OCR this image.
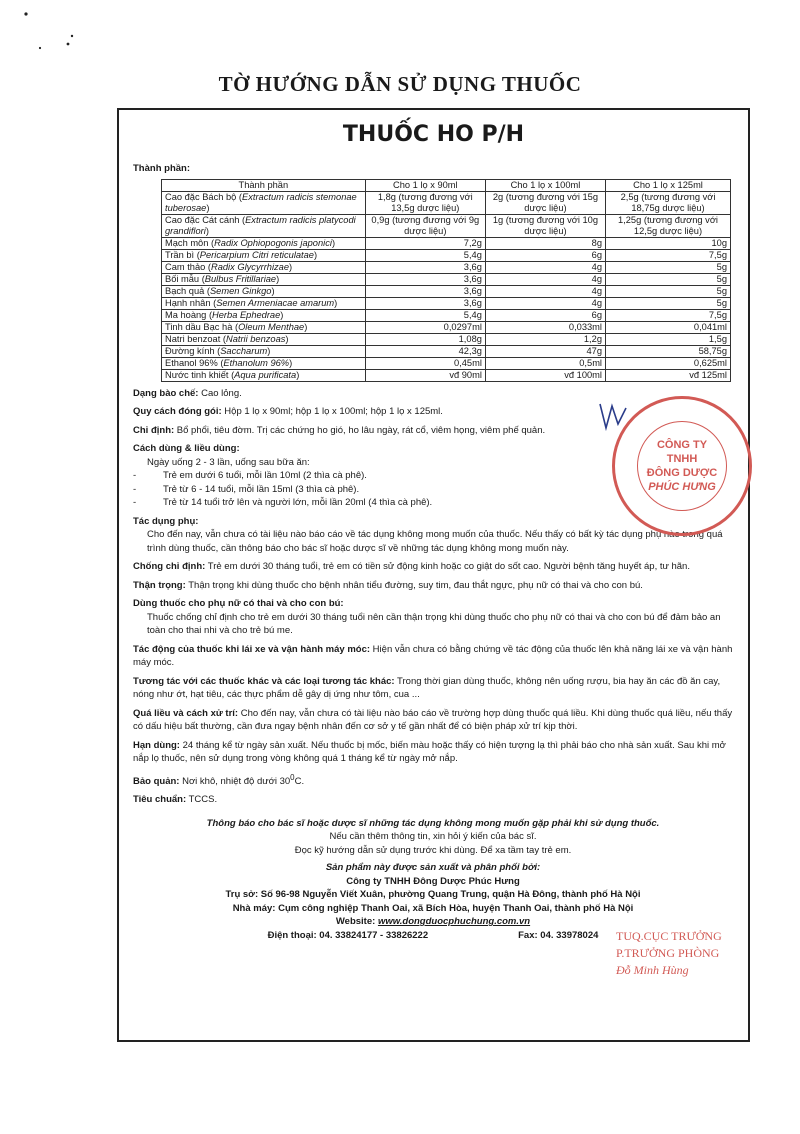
TỜ HƯỚNG DẪN SỬ DỤNG THUỐC
THUỐC HO P/H
Thành phần:
Thành phần	Cho 1 lọ x 90ml	Cho 1 lọ x 100ml	Cho 1 lọ x 125ml
Cao đặc Bách bộ (Extractum radicis stemonae tuberosae)	1,8g (tương đương với 13,5g dược liệu)	2g (tương đương với 15g dược liệu)	2,5g (tương đương với 18,75g dược liệu)
Cao đặc Cát cánh (Extractum radicis platycodi grandiflori)	0,9g (tương đương với 9g dược liệu)	1g (tương đương với 10g dược liệu)	1,25g (tương đương với 12,5g dược liệu)
Mạch môn (Radix Ophiopogonis japonici)	7,2g	8g	10g
Trần bì (Pericarpium Citri reticulatae)	5,4g	6g	7,5g
Cam thảo (Radix Glycyrrhizae)	3,6g	4g	5g
Bối mẫu (Bulbus Fritillariae)	3,6g	4g	5g
Bạch quả (Semen Ginkgo)	3,6g	4g	5g
Hạnh nhân (Semen Armeniacae amarum)	3,6g	4g	5g
Ma hoàng (Herba Ephedrae)	5,4g	6g	7,5g
Tinh dầu Bạc hà (Oleum Menthae)	0,0297ml	0,033ml	0,041ml
Natri benzoat (Natrii benzoas)	1,08g	1,2g	1,5g
Đường kính (Saccharum)	42,3g	47g	58,75g
Ethanol 96% (Ethanolum 96%)	0,45ml	0,5ml	0,625ml
Nước tinh khiết (Aqua purificata)	vđ 90ml	vđ 100ml	vđ 125ml
Dạng bào chế: Cao lỏng.
Quy cách đóng gói: Hộp 1 lọ x 90ml; hộp 1 lọ x 100ml; hộp 1 lọ x 125ml.
Chỉ định: Bổ phổi, tiêu đờm. Trị các chứng ho gió, ho lâu ngày, rát cổ, viêm họng, viêm phế quản.
Cách dùng & liều dùng:
Ngày uống 2 - 3 lần, uống sau bữa ăn:
- Trẻ em dưới 6 tuổi, mỗi lần 10ml (2 thìa cà phê).
- Trẻ từ 6 - 14 tuổi, mỗi lần 15ml (3 thìa cà phê).
- Trẻ từ 14 tuổi trở lên và người lớn, mỗi lần 20ml (4 thìa cà phê).
Tác dụng phụ:
Cho đến nay, vẫn chưa có tài liệu nào báo cáo về tác dụng không mong muốn của thuốc. Nếu thấy có bất kỳ tác dụng phụ nào trong quá trình dùng thuốc, cần thông báo cho bác sĩ hoặc dược sĩ về những tác dụng không mong muốn này.
Chống chỉ định: Trẻ em dưới 30 tháng tuổi, trẻ em có tiền sử động kinh hoặc co giật do sốt cao. Người bệnh tăng huyết áp, tư hãn.
Thận trọng: Thận trọng khi dùng thuốc cho bệnh nhân tiểu đường, suy tim, đau thắt ngực, phụ nữ có thai và cho con bú.
Dùng thuốc cho phụ nữ có thai và cho con bú:
Thuốc chống chỉ định cho trẻ em dưới 30 tháng tuổi nên cần thận trọng khi dùng thuốc cho phụ nữ có thai và cho con bú để đảm bảo an toàn cho thai nhi và cho trẻ bú me.
Tác động của thuốc khi lái xe và vận hành máy móc: Hiện vẫn chưa có bằng chứng về tác động của thuốc lên khả năng lái xe và vận hành máy móc.
Tương tác với các thuốc khác và các loại tương tác khác: Trong thời gian dùng thuốc, không nên uống rượu, bia hay ăn các đồ ăn cay, nóng như ớt, hạt tiêu, các thực phẩm dễ gây dị ứng như tôm, cua ...
Quá liều và cách xử trí: Cho đến nay, vẫn chưa có tài liệu nào báo cáo về trường hợp dùng thuốc quá liều. Khi dùng thuốc quá liều, nếu thấy có dấu hiệu bất thường, cần đưa ngay bệnh nhân đến cơ sở y tế gần nhất để có biện pháp xử trí kịp thời.
Hạn dùng: 24 tháng kể từ ngày sản xuất. Nếu thuốc bị mốc, biến màu hoặc thấy có hiện tượng lạ thì phải báo cho nhà sản xuất. Sau khi mở nắp lọ thuốc, nên sử dụng trong vòng không quá 1 tháng kể từ ngày mở nắp.
Bảo quản: Nơi khô, nhiệt độ dưới $30^0C$.
Tiêu chuẩn: TCCS.
Thông báo cho bác sĩ hoặc dược sĩ những tác dụng không mong muốn gặp phải khi sử dụng thuốc.
Nếu cần thêm thông tin, xin hỏi ý kiến của bác sĩ.
Đọc kỹ hướng dẫn sử dụng trước khi dùng. Để xa tầm tay trẻ em.
Sản phẩm này được sản xuất và phân phối bởi:
Công ty TNHH Đông Dược Phúc Hưng
Trụ sở: Số 96-98 Nguyễn Viết Xuân, phường Quang Trung, quận Hà Đông, thành phố Hà Nội
Nhà máy: Cụm công nghiệp Thanh Oai, xã Bích Hòa, huyện Thanh Oai, thành phố Hà Nội
Website: www.dongduocphuchung.com.vn
Điện thoại: 04. 33824177 - 33826222	Fax: 04. 33978024
CÔNG TY
TNHH
ĐÔNG DƯỢC
PHÚC HƯNG
TUQ.CỤC TRƯỞNG
P.TRƯỞNG PHÒNG
Đỗ Minh Hùng
